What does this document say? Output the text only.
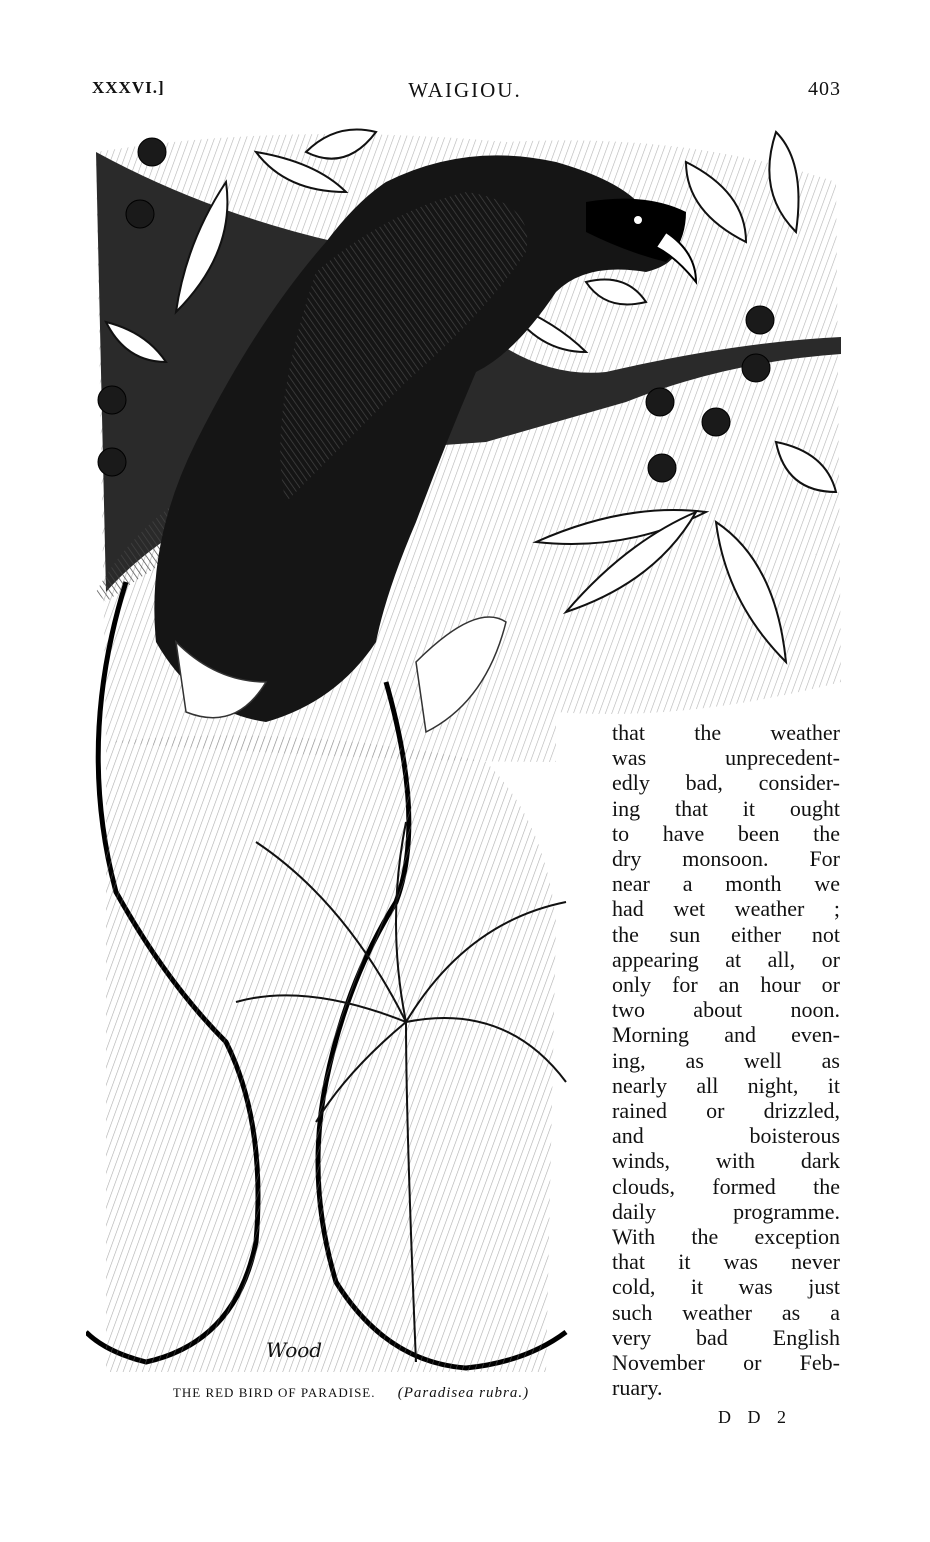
XXXVI.]	WAIGIOU.	403
Wood
THE RED BIRD OF PARADISE. (Paradisea rubra.)
that the weather
was unprecedent-
edly bad, consider-
ing that it ought
to have been the
dry monsoon. For
near a month we
had wet weather ;
the sun either not
appearing at all, or
only for an hour or
two about noon.
Morning and even-
ing, as well as
nearly all night, it
rained or drizzled,
and boisterous
winds, with dark
clouds, formed the
daily programme.
With the exception
that it was never
cold, it was just
such weather as a
very bad English
November or Feb-
ruary.
D D 2
